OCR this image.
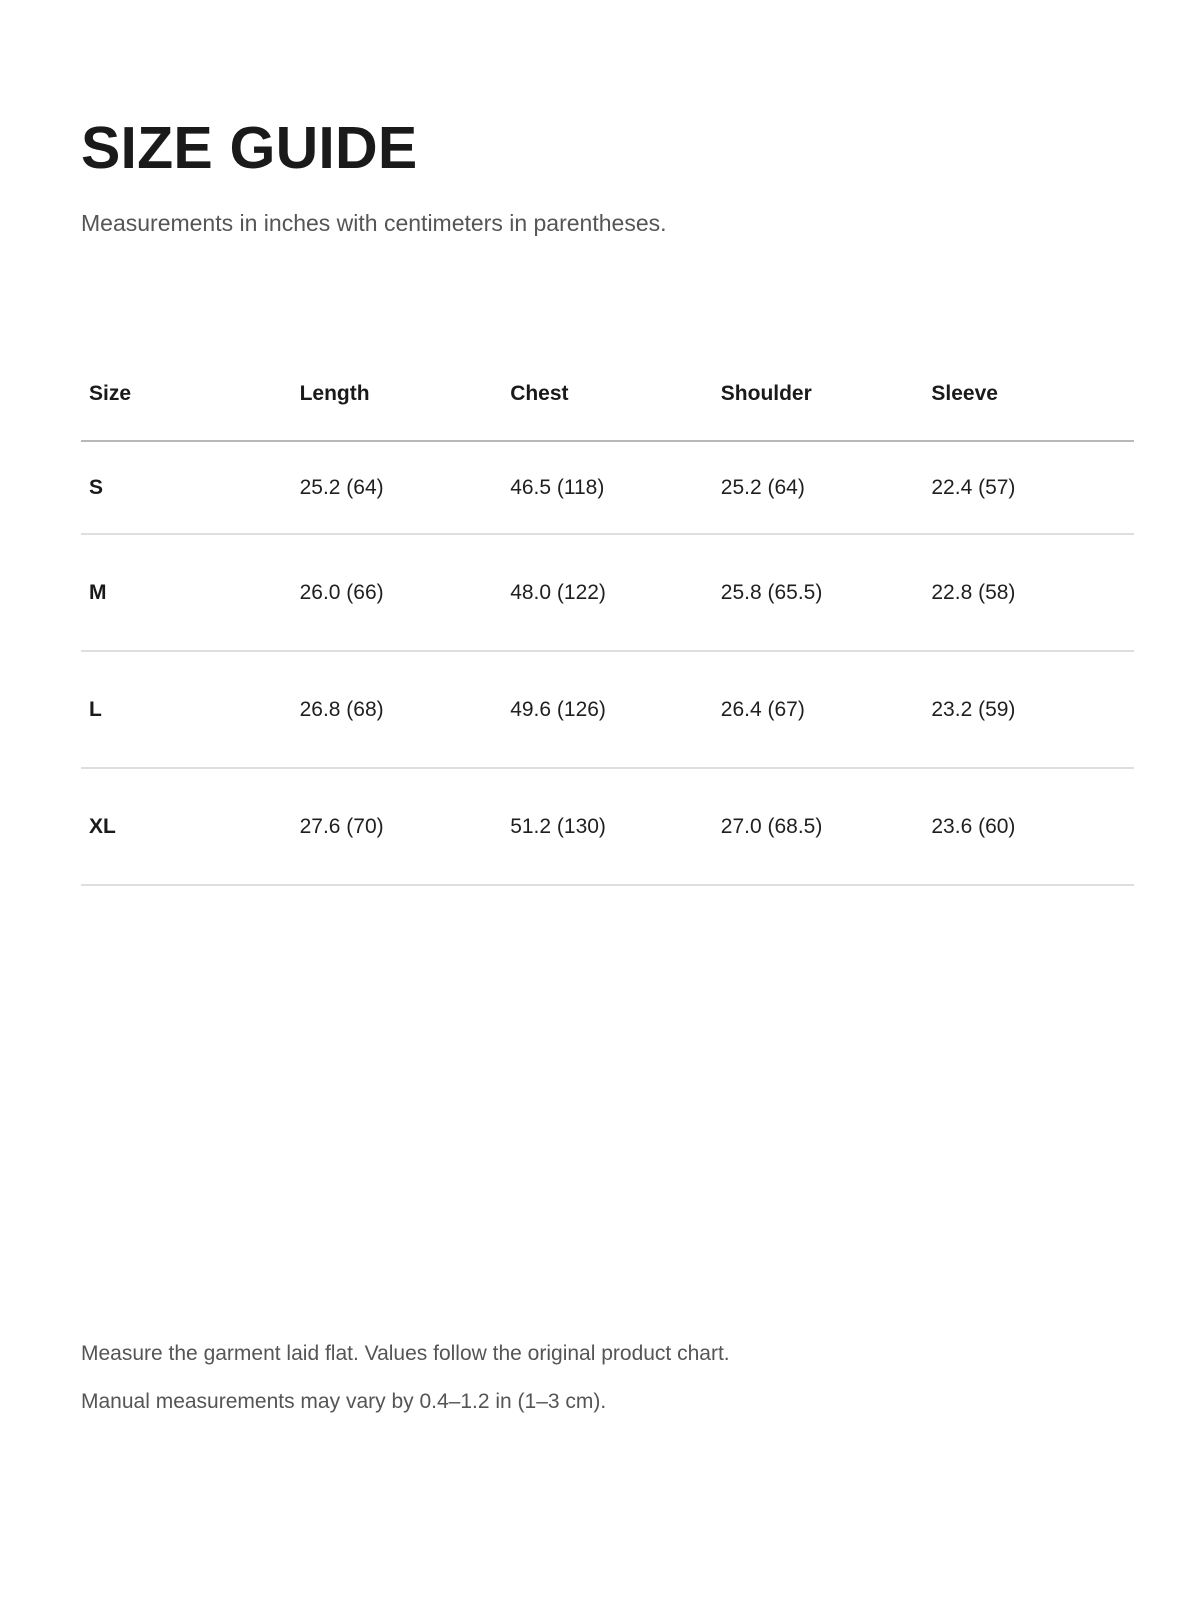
SIZE GUIDE

Measurements in inches with centimeters in parentheses.

Size	Length	Chest	Shoulder	Sleeve
S	25.2 (64)	46.5 (118)	25.2 (64)	22.4 (57)
M	26.0 (66)	48.0 (122)	25.8 (65.5)	22.8 (58)
L	26.8 (68)	49.6 (126)	26.4 (67)	23.2 (59)
XL	27.6 (70)	51.2 (130)	27.0 (68.5)	23.6 (60)
Measure the garment laid flat. Values follow the original product chart.
Manual measurements may vary by 0.4–1.2 in (1–3 cm).
